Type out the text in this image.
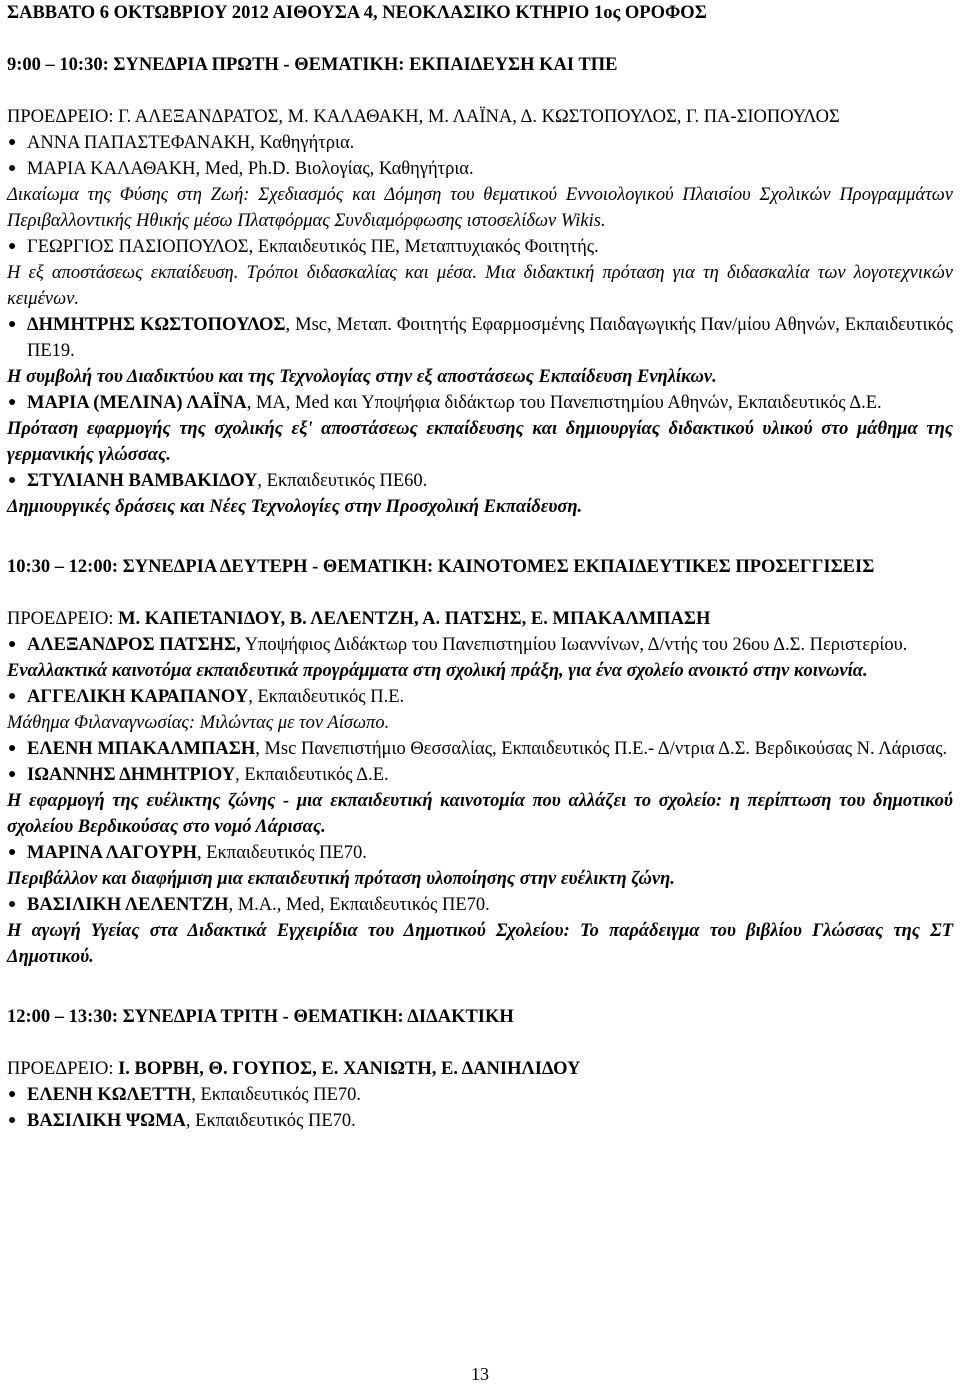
ΣΑΒΒΑΤΟ 6 ΟΚΤΩΒΡΙΟΥ 2012 ΑΙΘΟΥΣΑ 4, ΝΕΟΚΛΑΣΙΚΟ ΚΤΗΡΙΟ 1ος ΟΡΟΦΟΣ

9:00 – 10:30: ΣΥΝΕΔΡΙΑ ΠΡΩΤΗ - ΘΕΜΑΤΙΚΗ: ΕΚΠΑΙΔΕΥΣΗ ΚΑΙ ΤΠΕ

ΠΡΟΕΔΡΕΙΟ: Γ. ΑΛΕΞΑΝΔΡΑΤΟΣ, Μ. ΚΑΛΑΘΑΚΗ, Μ. ΛΑΪΝΑ, Δ. ΚΩΣΤΟΠΟΥΛΟΣ, Γ. ΠΑ-ΣΙΟΠΟΥΛΟΣ

● ΑΝΝΑ ΠΑΠΑΣΤΕΦΑΝΑΚΗ, Καθηγήτρια.

● ΜΑΡΙΑ ΚΑΛΑΘΑΚΗ, Med, Ph.D. Βιολογίας, Καθηγήτρια.

Δικαίωμα της Φύσης στη Ζωή: Σχεδιασμός και Δόμηση του θεματικού Εννοιολογικού Πλαισίου Σχολικών Προγραμμάτων Περιβαλλοντικής Ηθικής μέσω Πλατφόρμας Συνδιαμόρφωσης ιστοσελίδων Wikis.

● ΓΕΩΡΓΙΟΣ ΠΑΣΙΟΠΟΥΛΟΣ, Εκπαιδευτικός ΠΕ, Μεταπτυχιακός Φοιτητής.

Η εξ αποστάσεως εκπαίδευση. Τρόποι διδασκαλίας και μέσα. Μια διδακτική πρόταση για τη διδασκαλία των λογοτεχνικών κειμένων.

● ΔΗΜΗΤΡΗΣ ΚΩΣΤΟΠΟΥΛΟΣ, Msc, Μεταπ. Φοιτητής Εφαρμοσμένης Παιδαγωγικής Παν/μίου Αθηνών, Εκπαιδευτικός ΠΕ19.

Η συμβολή του Διαδικτύου και της Τεχνολογίας στην εξ αποστάσεως Εκπαίδευση Ενηλίκων.

● ΜΑΡΙΑ (ΜΕΛΙΝΑ) ΛΑΪΝΑ, ΜΑ, Med και Υποψήφια διδάκτωρ του Πανεπιστημίου Αθηνών, Εκπαιδευτικός Δ.Ε.

Πρόταση εφαρμογής της σχολικής εξ' αποστάσεως εκπαίδευσης και δημιουργίας διδακτικού υλικού στο μάθημα της γερμανικής γλώσσας.

● ΣΤΥΛΙΑΝΗ ΒΑΜΒΑΚΙΔΟΥ, Εκπαιδευτικός ΠΕ60.

Δημιουργικές δράσεις και Νέες Τεχνολογίες στην Προσχολική Εκπαίδευση.

10:30 – 12:00: ΣΥΝΕΔΡΙΑ ΔΕΥΤΕΡΗ - ΘΕΜΑΤΙΚΗ: ΚΑΙΝΟΤΟΜΕΣ ΕΚΠΑΙΔΕΥΤΙΚΕΣ ΠΡΟΣΕΓΓΙΣΕΙΣ

ΠΡΟΕΔΡΕΙΟ: Μ. ΚΑΠΕΤΑΝΙΔΟΥ, Β. ΛΕΛΕΝΤΖΗ, Α. ΠΑΤΣΗΣ, Ε. ΜΠΑΚΑΛΜΠΑΣΗ

● ΑΛΕΞΑΝΔΡΟΣ ΠΑΤΣΗΣ, Υποψήφιος Διδάκτωρ του Πανεπιστημίου Ιωαννίνων, Δ/ντής του 26ου Δ.Σ. Περιστερίου.

Εναλλακτικά καινοτόμα εκπαιδευτικά προγράμματα στη σχολική πράξη, για ένα σχολείο ανοικτό στην κοινωνία.

● ΑΓΓΕΛΙΚΗ ΚΑΡΑΠΑΝΟΥ, Εκπαιδευτικός Π.Ε.

Μάθημα Φιλαναγνωσίας: Μιλώντας με τον Αίσωπο.

● ΕΛΕΝΗ ΜΠΑΚΑΛΜΠΑΣΗ, Msc Πανεπιστήμιο Θεσσαλίας, Εκπαιδευτικός Π.Ε.- Δ/ντρια Δ.Σ. Βερδικούσας Ν. Λάρισας.

● ΙΩΑΝΝΗΣ ΔΗΜΗΤΡΙΟΥ, Εκπαιδευτικός Δ.Ε.

Η εφαρμογή της ευέλικτης ζώνης - μια εκπαιδευτική καινοτομία που αλλάζει το σχολείο: η περίπτωση του δημοτικού σχολείου Βερδικούσας στο νομό Λάρισας.

● ΜΑΡΙΝΑ ΛΑΓΟΥΡΗ, Εκπαιδευτικός ΠΕ70.

Περιβάλλον και διαφήμιση μια εκπαιδευτική πρόταση υλοποίησης στην ευέλικτη ζώνη.

● ΒΑΣΙΛΙΚΗ ΛΕΛΕΝΤΖΗ, Μ.Α., Med, Εκπαιδευτικός ΠΕ70.

Η αγωγή Υγείας στα Διδακτικά Εγχειρίδια του Δημοτικού Σχολείου: Το παράδειγμα του βιβλίου Γλώσσας της ΣΤ Δημοτικού.

12:00 – 13:30: ΣΥΝΕΔΡΙΑ ΤΡΙΤΗ - ΘΕΜΑΤΙΚΗ: ΔΙΔΑΚΤΙΚΗ

ΠΡΟΕΔΡΕΙΟ: Ι. ΒΟΡΒΗ, Θ. ΓΟΥΠΟΣ, Ε. ΧΑΝΙΩΤΗ, Ε. ΔΑΝΙΗΛΙΔΟΥ

● ΕΛΕΝΗ ΚΩΛΕΤΤΗ, Εκπαιδευτικός ΠΕ70.

● ΒΑΣΙΛΙΚΗ ΨΩΜΑ, Εκπαιδευτικός ΠΕ70.

13
